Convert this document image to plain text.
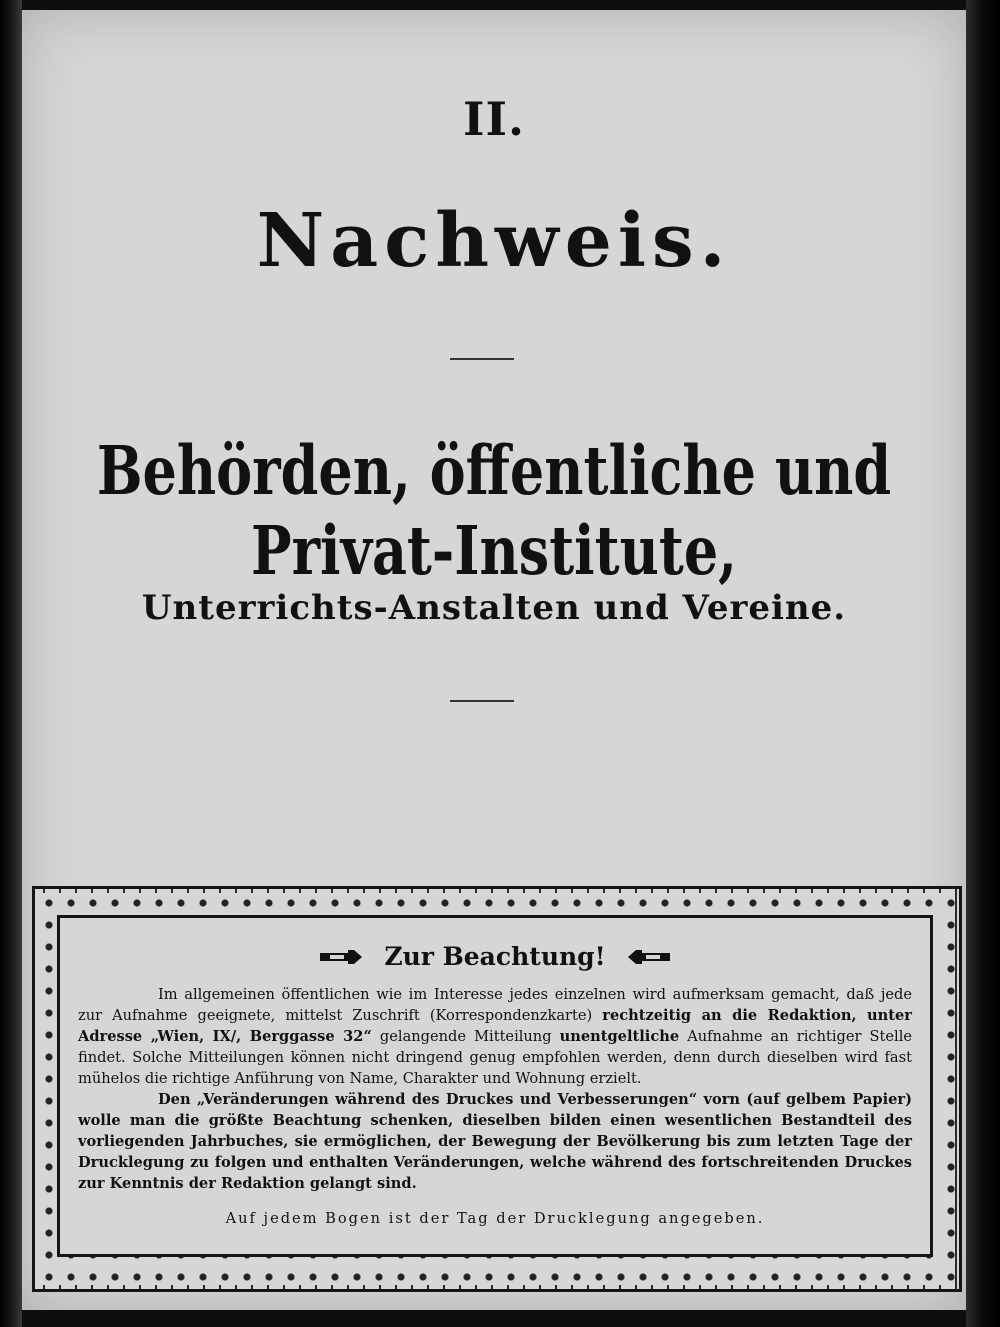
II.
Nachweis.
Behörden, öffentliche und Privat-Institute,
Unterrichts-Anstalten und Vereine.
Zur Beachtung!

Im allgemeinen öffentlichen wie im Interesse jedes einzelnen wird aufmerksam gemacht, daß jede zur Aufnahme geeignete, mittelst Zuschrift (Korrespondenzkarte) rechtzeitig an die Redaktion, unter Adresse „Wien, IX/, Berggasse 32“ gelangende Mitteilung unentgeltliche Aufnahme an richtiger Stelle findet. Solche Mitteilungen können nicht dringend genug empfohlen werden, denn durch dieselben wird fast mühelos die richtige Anführung von Name, Charakter und Wohnung erzielt.

Den „Veränderungen während des Druckes und Verbesserungen“ vorn (auf gelbem Papier) wolle man die größte Beachtung schenken, dieselben bilden einen wesentlichen Bestandteil des vorliegenden Jahrbuches, sie ermöglichen, der Bewegung der Bevölkerung bis zum letzten Tage der Drucklegung zu folgen und enthalten Veränderungen, welche während des fortschreitenden Druckes zur Kenntnis der Redaktion gelangt sind.

Auf jedem Bogen ist der Tag der Drucklegung angegeben.
